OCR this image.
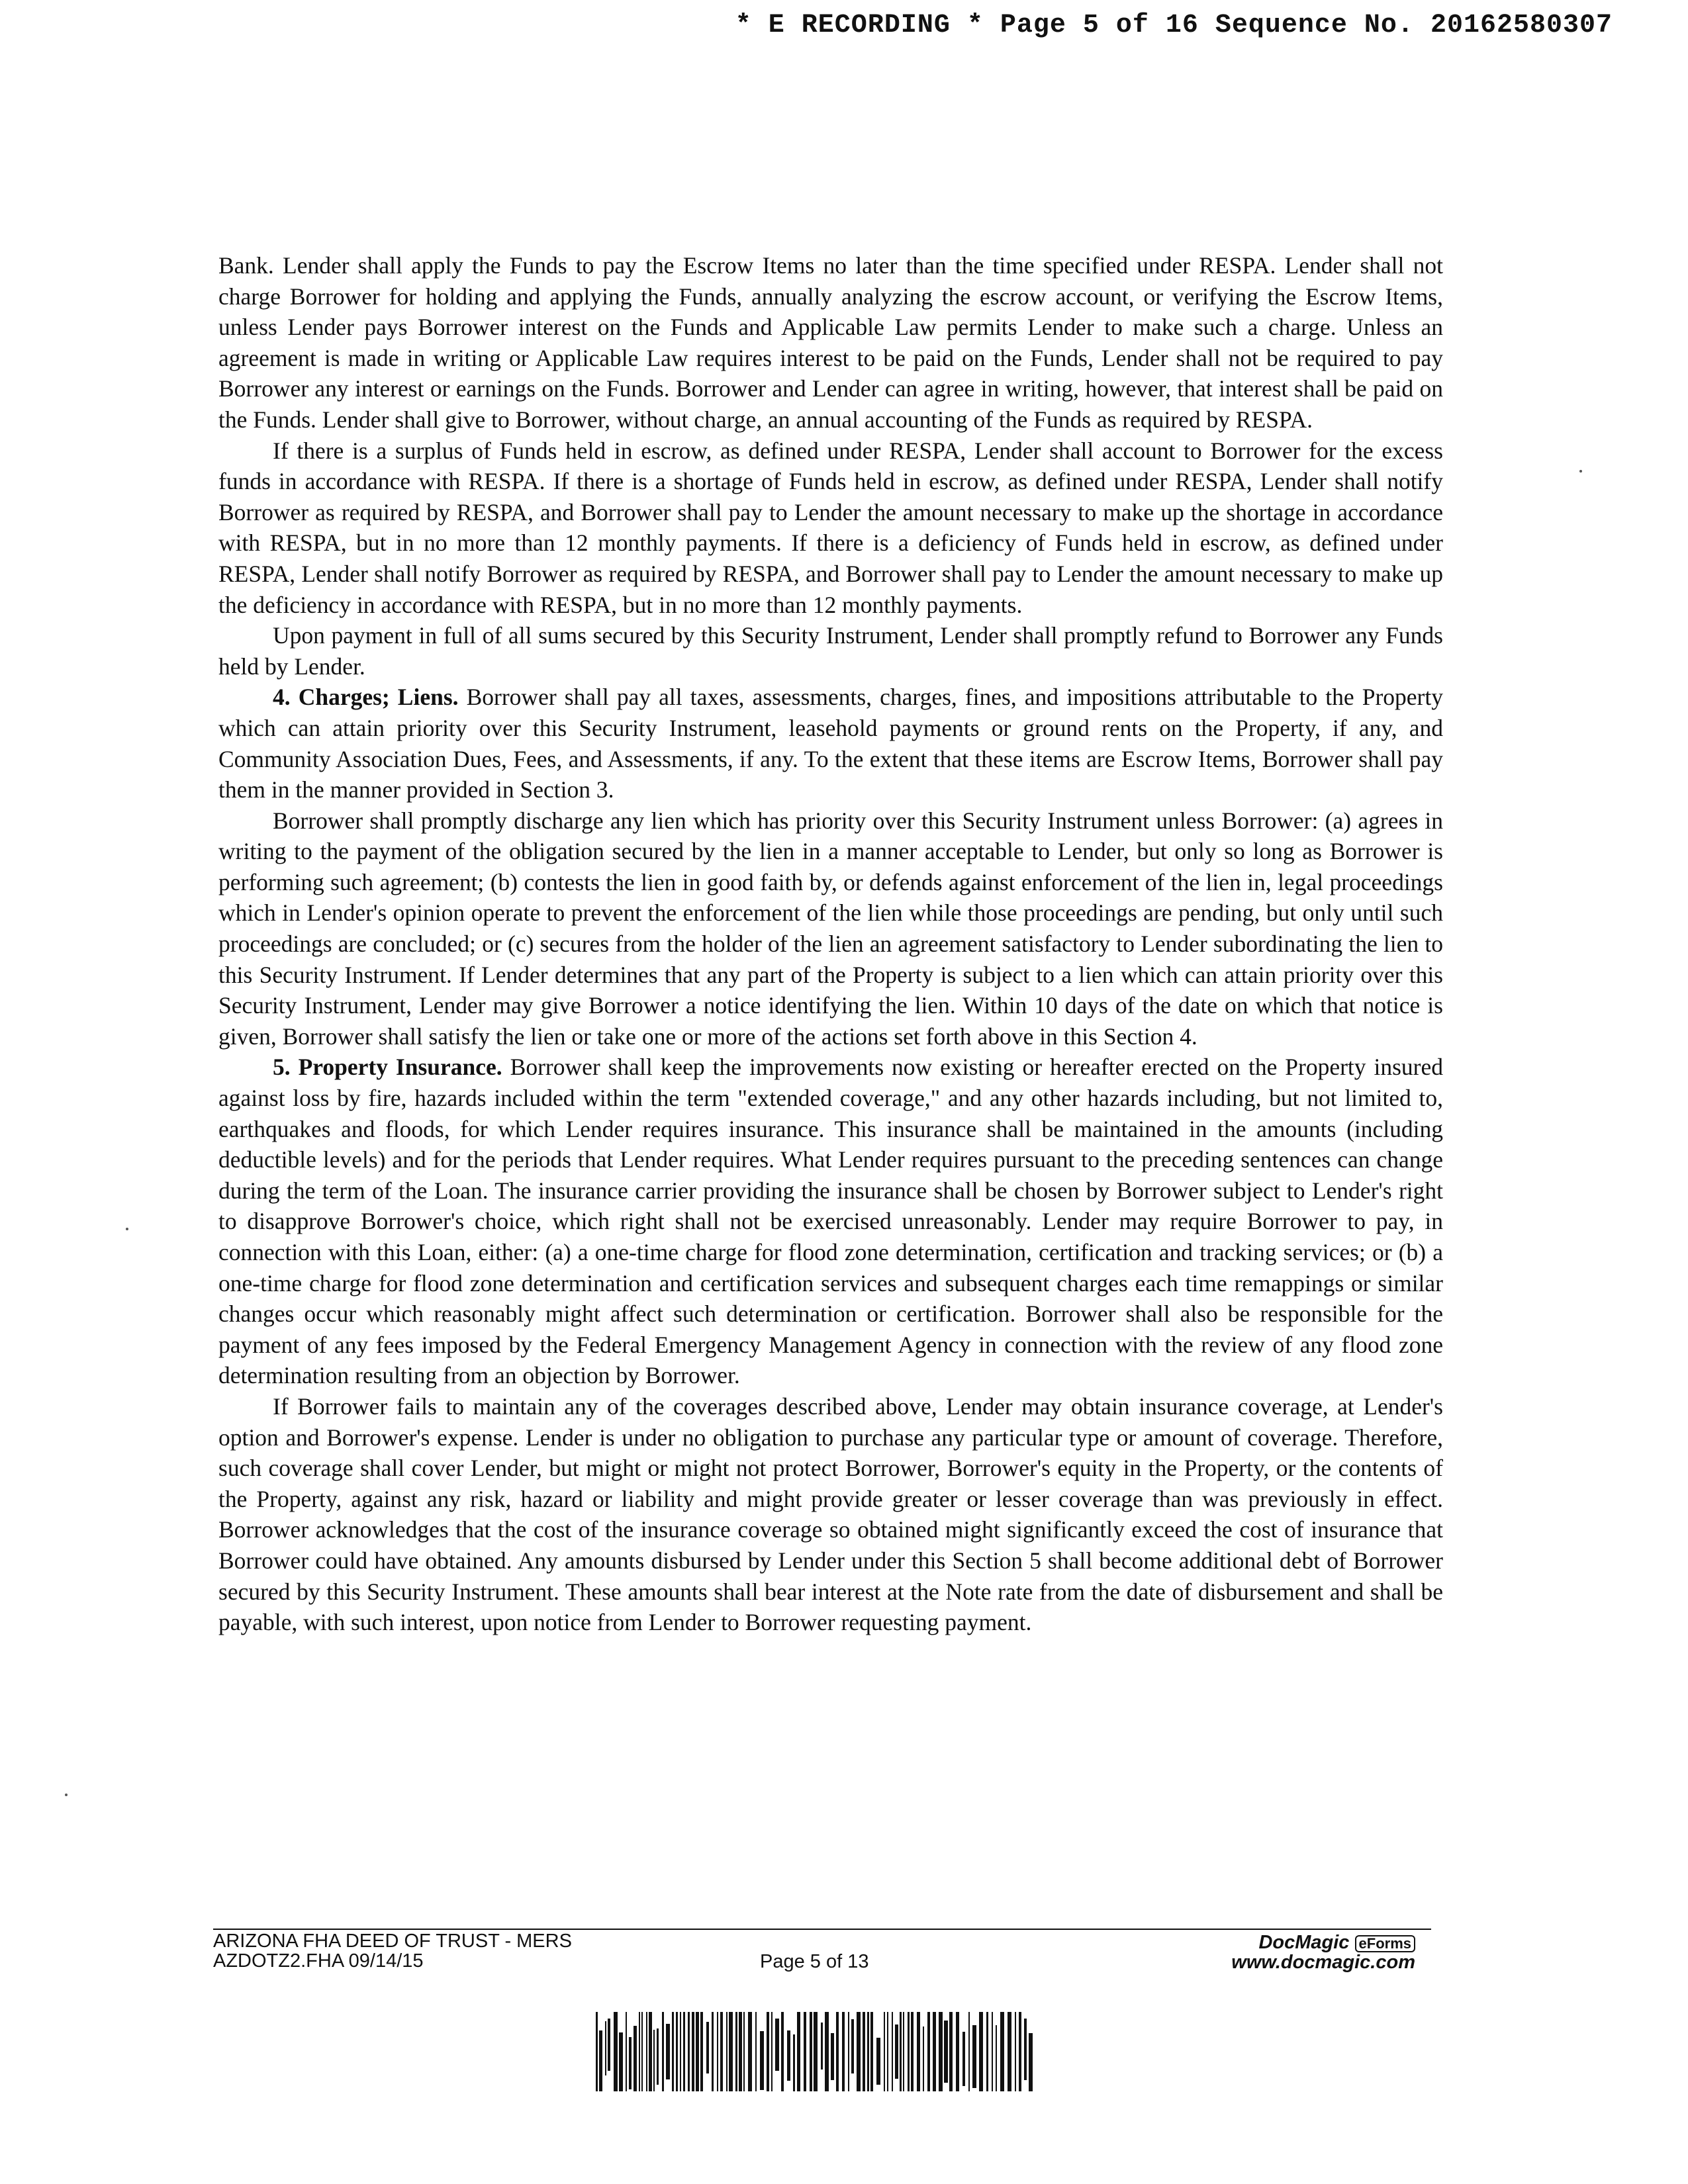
* E RECORDING * Page 5 of 16 Sequence No. 20162580307

Bank. Lender shall apply the Funds to pay the Escrow Items no later than the time specified under RESPA. Lender shall not charge Borrower for holding and applying the Funds, annually analyzing the escrow account, or verifying the Escrow Items, unless Lender pays Borrower interest on the Funds and Applicable Law permits Lender to make such a charge. Unless an agreement is made in writing or Applicable Law requires interest to be paid on the Funds, Lender shall not be required to pay Borrower any interest or earnings on the Funds. Borrower and Lender can agree in writing, however, that interest shall be paid on the Funds. Lender shall give to Borrower, without charge, an annual accounting of the Funds as required by RESPA.

If there is a surplus of Funds held in escrow, as defined under RESPA, Lender shall account to Borrower for the excess funds in accordance with RESPA. If there is a shortage of Funds held in escrow, as defined under RESPA, Lender shall notify Borrower as required by RESPA, and Borrower shall pay to Lender the amount necessary to make up the shortage in accordance with RESPA, but in no more than 12 monthly payments. If there is a deficiency of Funds held in escrow, as defined under RESPA, Lender shall notify Borrower as required by RESPA, and Borrower shall pay to Lender the amount necessary to make up the deficiency in accordance with RESPA, but in no more than 12 monthly payments.

Upon payment in full of all sums secured by this Security Instrument, Lender shall promptly refund to Borrower any Funds held by Lender.

4. Charges; Liens. Borrower shall pay all taxes, assessments, charges, fines, and impositions attributable to the Property which can attain priority over this Security Instrument, leasehold payments or ground rents on the Property, if any, and Community Association Dues, Fees, and Assessments, if any. To the extent that these items are Escrow Items, Borrower shall pay them in the manner provided in Section 3.

Borrower shall promptly discharge any lien which has priority over this Security Instrument unless Borrower: (a) agrees in writing to the payment of the obligation secured by the lien in a manner acceptable to Lender, but only so long as Borrower is performing such agreement; (b) contests the lien in good faith by, or defends against enforcement of the lien in, legal proceedings which in Lender's opinion operate to prevent the enforcement of the lien while those proceedings are pending, but only until such proceedings are concluded; or (c) secures from the holder of the lien an agreement satisfactory to Lender subordinating the lien to this Security Instrument. If Lender determines that any part of the Property is subject to a lien which can attain priority over this Security Instrument, Lender may give Borrower a notice identifying the lien. Within 10 days of the date on which that notice is given, Borrower shall satisfy the lien or take one or more of the actions set forth above in this Section 4.

5. Property Insurance. Borrower shall keep the improvements now existing or hereafter erected on the Property insured against loss by fire, hazards included within the term "extended coverage," and any other hazards including, but not limited to, earthquakes and floods, for which Lender requires insurance. This insurance shall be maintained in the amounts (including deductible levels) and for the periods that Lender requires. What Lender requires pursuant to the preceding sentences can change during the term of the Loan. The insurance carrier providing the insurance shall be chosen by Borrower subject to Lender's right to disapprove Borrower's choice, which right shall not be exercised unreasonably. Lender may require Borrower to pay, in connection with this Loan, either: (a) a one-time charge for flood zone determination, certification and tracking services; or (b) a one-time charge for flood zone determination and certification services and subsequent charges each time remappings or similar changes occur which reasonably might affect such determination or certification. Borrower shall also be responsible for the payment of any fees imposed by the Federal Emergency Management Agency in connection with the review of any flood zone determination resulting from an objection by Borrower.

If Borrower fails to maintain any of the coverages described above, Lender may obtain insurance coverage, at Lender's option and Borrower's expense. Lender is under no obligation to purchase any particular type or amount of coverage. Therefore, such coverage shall cover Lender, but might or might not protect Borrower, Borrower's equity in the Property, or the contents of the Property, against any risk, hazard or liability and might provide greater or lesser coverage than was previously in effect. Borrower acknowledges that the cost of the insurance coverage so obtained might significantly exceed the cost of insurance that Borrower could have obtained. Any amounts disbursed by Lender under this Section 5 shall become additional debt of Borrower secured by this Security Instrument. These amounts shall bear interest at the Note rate from the date of disbursement and shall be payable, with such interest, upon notice from Lender to Borrower requesting payment.

ARIZONA FHA DEED OF TRUST - MERS
AZDOTZ2.FHA 09/14/15	Page 5 of 13
DocMagic eForms
www.docmagic.com
